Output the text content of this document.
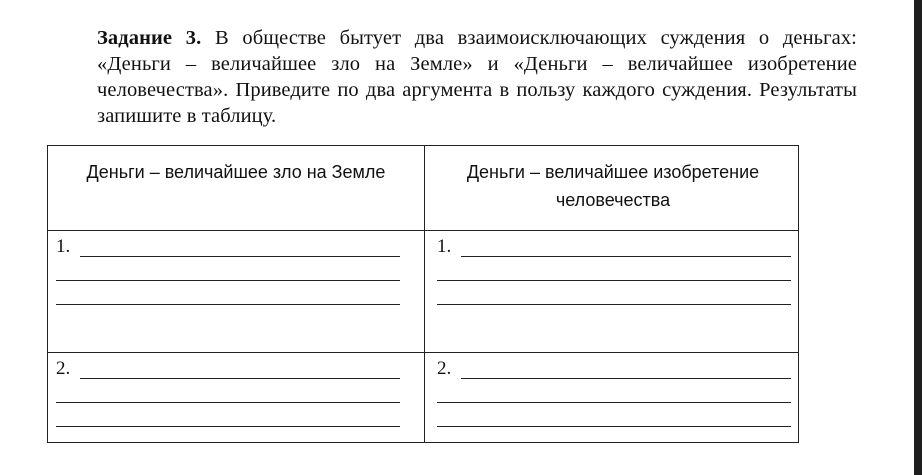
Задание 3. В обществе бытует два взаимоисключающих суждения о деньгах: «Деньги – величайшее зло на Земле» и «Деньги – величайшее изобретение человечества». Приведите по два аргумента в пользу каждого суждения. Результаты запишите в таблицу.
Деньги – величайшее зло на Земле	Деньги – величайшее изобретение человечества
1.	1.
2.	2.
